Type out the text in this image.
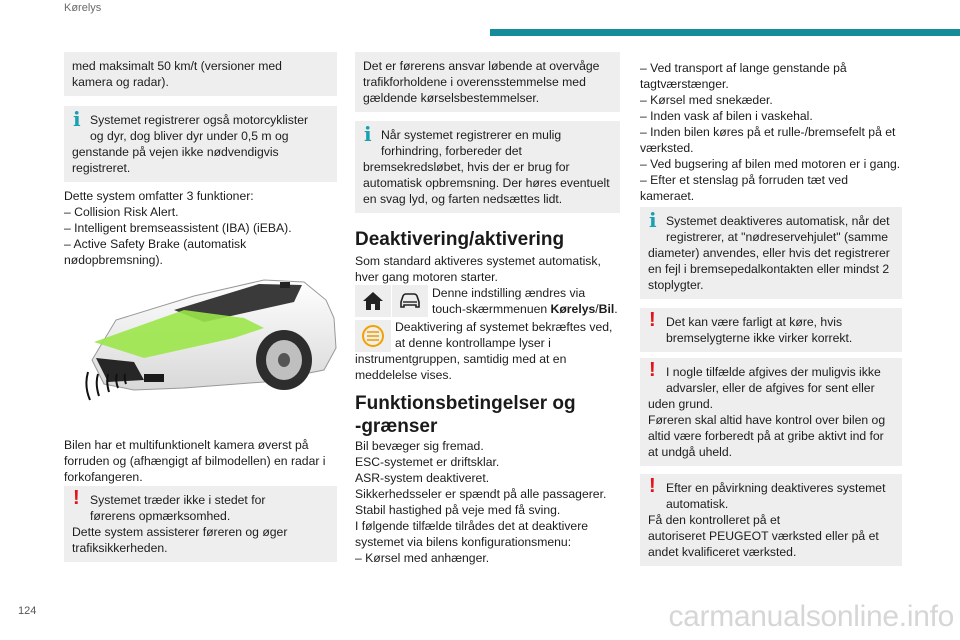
Kørelys
med maksimalt 50 km/t (versioner med
kamera og radar).
i Systemet registrerer også motorcyklister
og dyr, dog bliver dyr under 0,5 m og
genstande på vejen ikke nødvendigvis
registreret.
Dette system omfatter 3 funktioner:
– Collision Risk Alert.
– Intelligent bremseassistent (IBA) (iEBA).
– Active Safety Brake (automatisk
nødopbremsning).
Bilen har et multifunktionelt kamera øverst på
forruden og (afhængigt af bilmodellen) en radar i
forkofangeren.
! Systemet træder ikke i stedet for
førerens opmærksomhed.
Dette system assisterer føreren og øger
trafiksikkerheden.
Det er førerens ansvar løbende at overvåge
trafikforholdene i overensstemmelse med
gældende kørselsbestemmelser.
i Når systemet registrerer en mulig
forhindring, forbereder det
bremsekredsløbet, hvis der er brug for
automatisk opbremsning. Der høres eventuelt
en svag lyd, og farten nedsættes lidt.
Deaktivering/aktivering
Som standard aktiveres systemet automatisk,
hver gang motoren starter.
Denne indstilling ændres via
touch-skærmmenuen Kørelys/Bil.
Deaktivering af systemet bekræftes ved,
at denne kontrollampe lyser i
instrumentgruppen, samtidig med at en
meddelelse vises.
Funktionsbetingelser og
-grænser
Bil bevæger sig fremad.
ESC-systemet er driftsklar.
ASR-system deaktiveret.
Sikkerhedsseler er spændt på alle passagerer.
Stabil hastighed på veje med få sving.
I følgende tilfælde tilrådes det at deaktivere
systemet via bilens konfigurationsmenu:
– Kørsel med anhænger.
– Ved transport af lange genstande på
tagtværstænger.
– Kørsel med snekæder.
– Inden vask af bilen i vaskehal.
– Inden bilen køres på et rulle-/bremsefelt på et
værksted.
– Ved bugsering af bilen med motoren er i gang.
– Efter et stenslag på forruden tæt ved
kameraet.
i Systemet deaktiveres automatisk, når det
registrerer, at "nødreservehjulet" (samme
diameter) anvendes, eller hvis det registrerer
en fejl i bremsepedalkontakten eller mindst 2
stoplygter.
! Det kan være farligt at køre, hvis
bremselygterne ikke virker korrekt.
! I nogle tilfælde afgives der muligvis ikke
advarsler, eller de afgives for sent eller
uden grund.
Føreren skal altid have kontrol over bilen og
altid være forberedt på at gribe aktivt ind for
at undgå uheld.
! Efter en påvirkning deaktiveres systemet
automatisk.
Få den kontrolleret på et
autoriseret PEUGEOT værksted eller på et
andet kvalificeret værksted.
124	carmanualsonline.info
